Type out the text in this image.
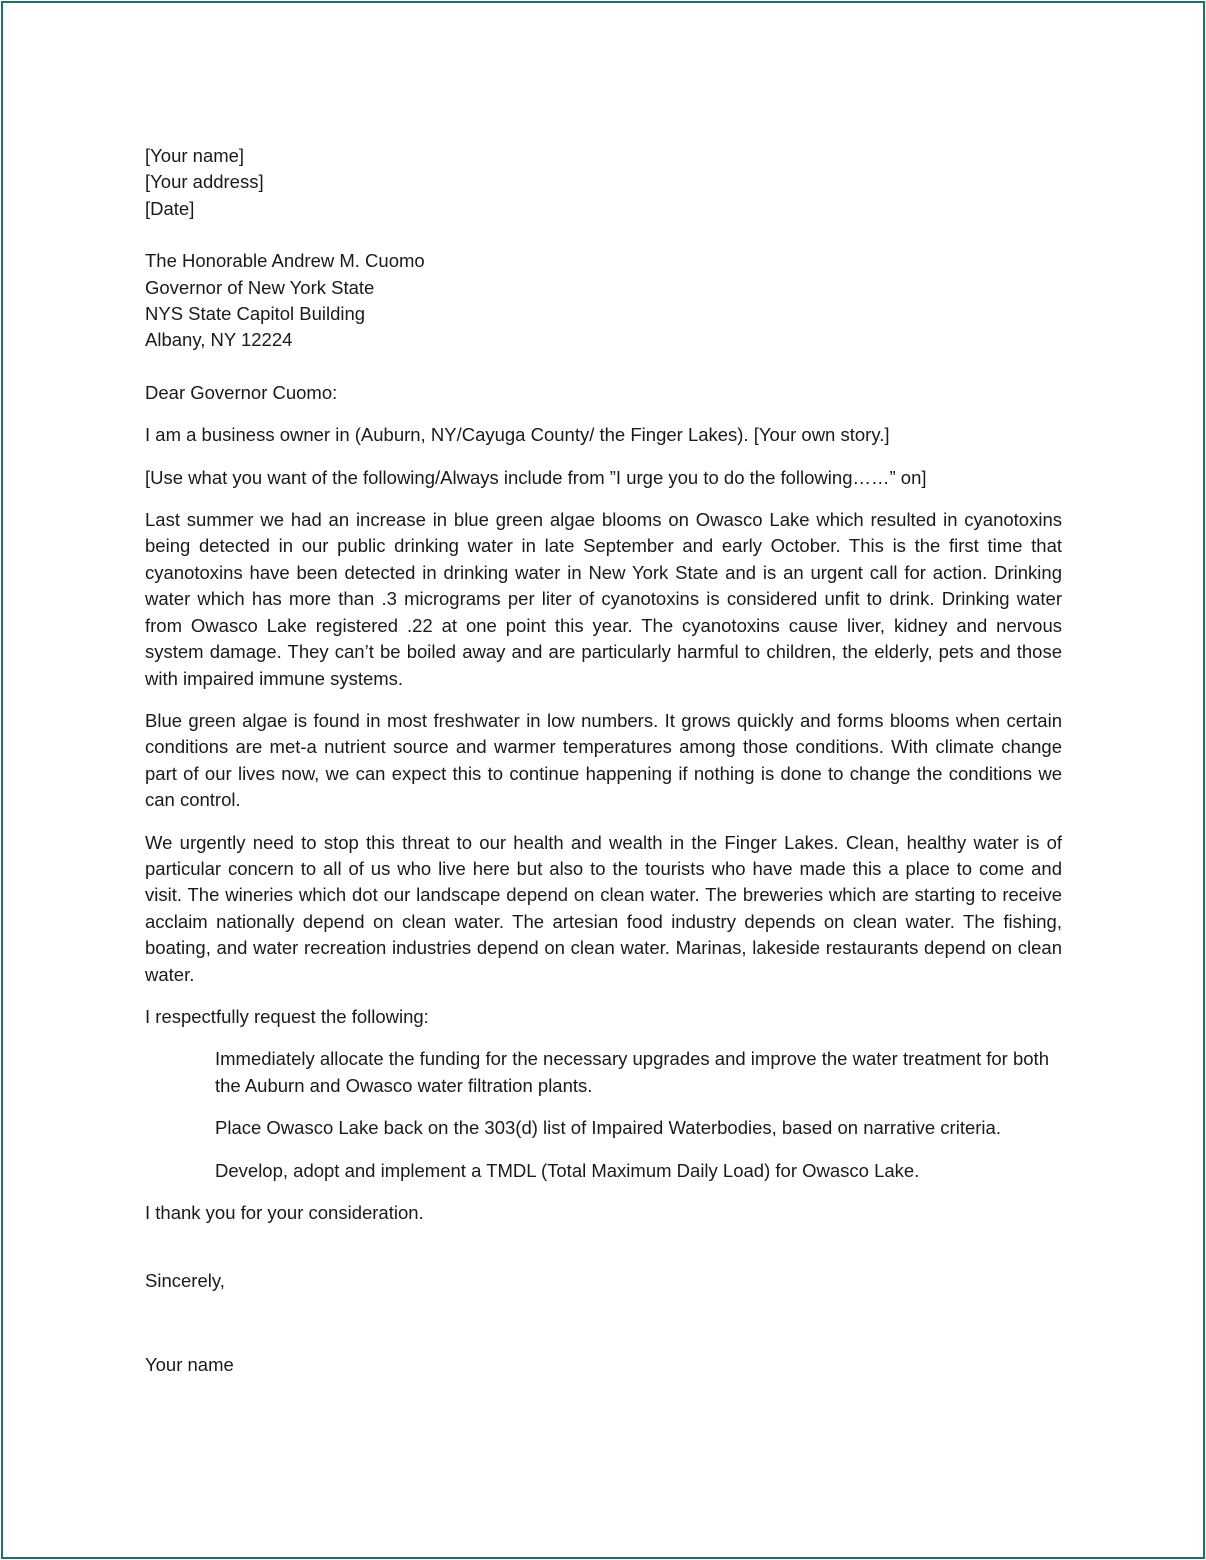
[Your name]
[Your address]
[Date]
The Honorable Andrew M. Cuomo
Governor of New York State
NYS State Capitol Building
Albany, NY 12224

Dear Governor Cuomo:

I am a business owner in (Auburn, NY/Cayuga County/ the Finger Lakes). [Your own story.]

[Use what you want of the following/Always include from ”I urge you to do the following……” on]

Last summer we had an increase in blue green algae blooms on Owasco Lake which resulted in cyanotoxins being detected in our public drinking water in late September and early October. This is the first time that cyanotoxins have been detected in drinking water in New York State and is an urgent call for action. Drinking water which has more than .3 micrograms per liter of cyanotoxins is considered unfit to drink. Drinking water from Owasco Lake registered .22 at one point this year. The cyanotoxins cause liver, kidney and nervous system damage. They can’t be boiled away and are particularly harmful to children, the elderly, pets and those with impaired immune systems.

Blue green algae is found in most freshwater in low numbers. It grows quickly and forms blooms when certain conditions are met-a nutrient source and warmer temperatures among those conditions. With climate change part of our lives now, we can expect this to continue happening if nothing is done to change the conditions we can control.

We urgently need to stop this threat to our health and wealth in the Finger Lakes. Clean, healthy water is of particular concern to all of us who live here but also to the tourists who have made this a place to come and visit. The wineries which dot our landscape depend on clean water. The breweries which are starting to receive acclaim nationally depend on clean water. The artesian food industry depends on clean water. The fishing, boating, and water recreation industries depend on clean water. Marinas, lakeside restaurants depend on clean water.

I respectfully request the following:

Immediately allocate the funding for the necessary upgrades and improve the water treatment for both the Auburn and Owasco water filtration plants.
Place Owasco Lake back on the 303(d) list of Impaired Waterbodies, based on narrative criteria.
Develop, adopt and implement a TMDL (Total Maximum Daily Load) for Owasco Lake.

I thank you for your consideration.

Sincerely,

Your name
